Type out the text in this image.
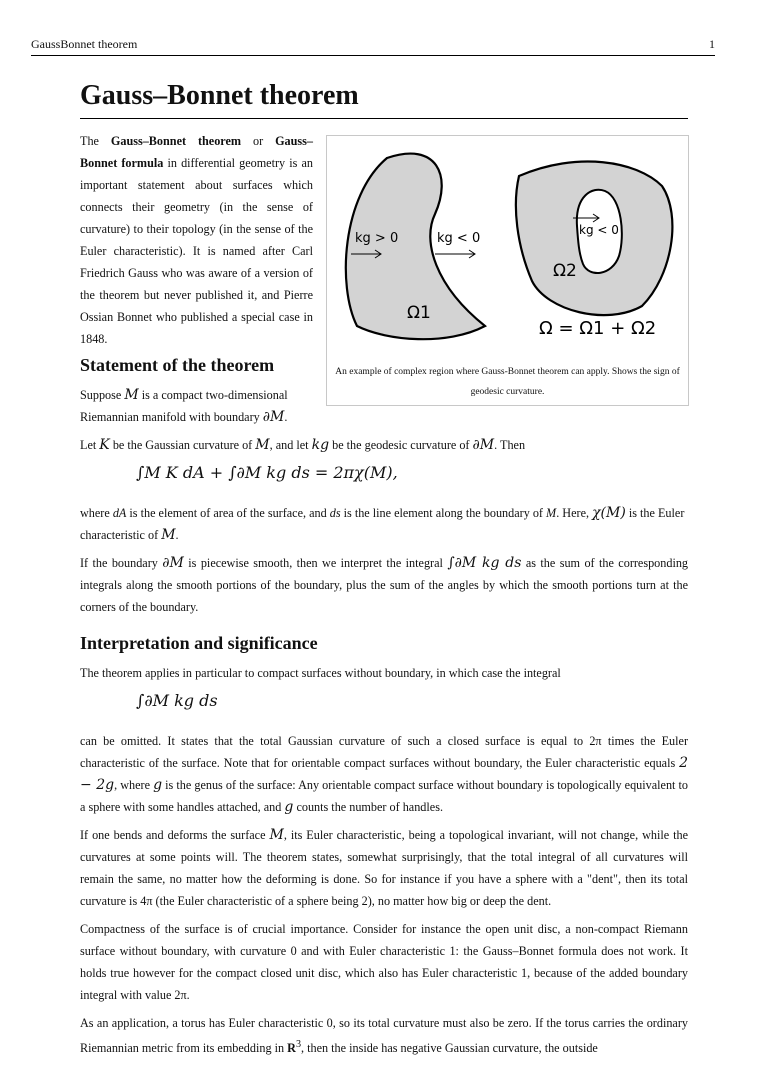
GaussBonnet theorem	1
Gauss–Bonnet theorem

The Gauss–Bonnet theorem or Gauss–Bonnet formula in differential geometry is an important statement about surfaces which connects their geometry (in the sense of curvature) to their topology (in the sense of the Euler characteristic). It is named after Carl Friedrich Gauss who was aware of a version of the theorem but never published it, and Pierre Ossian Bonnet who published a special case in 1848.

kg > 0	kg < 0
kg < 0
Ω1
Ω2
Ω = Ω1 + Ω2
An example of complex region where Gauss-Bonnet theorem can apply. Shows the sign of geodesic curvature.
Statement of the theorem

Suppose M is a compact two-dimensional Riemannian manifold with boundary ∂M.

Let K be the Gaussian curvature of M, and let kg be the geodesic curvature of ∂M. Then

∫M K dA + ∫∂M kg ds = 2πχ(M),

where dA is the element of area of the surface, and ds is the line element along the boundary of M. Here, χ(M) is the Euler characteristic of M.

If the boundary ∂M is piecewise smooth, then we interpret the integral ∫∂M kg ds as the sum of the corresponding integrals along the smooth portions of the boundary, plus the sum of the angles by which the smooth portions turn at the corners of the boundary.

Interpretation and significance

The theorem applies in particular to compact surfaces without boundary, in which case the integral

∫∂M kg ds

can be omitted. It states that the total Gaussian curvature of such a closed surface is equal to 2π times the Euler characteristic of the surface. Note that for orientable compact surfaces without boundary, the Euler characteristic equals 2 − 2g, where g is the genus of the surface: Any orientable compact surface without boundary is topologically equivalent to a sphere with some handles attached, and g counts the number of handles.

If one bends and deforms the surface M, its Euler characteristic, being a topological invariant, will not change, while the curvatures at some points will. The theorem states, somewhat surprisingly, that the total integral of all curvatures will remain the same, no matter how the deforming is done. So for instance if you have a sphere with a "dent", then its total curvature is 4π (the Euler characteristic of a sphere being 2), no matter how big or deep the dent.

Compactness of the surface is of crucial importance. Consider for instance the open unit disc, a non-compact Riemann surface without boundary, with curvature 0 and with Euler characteristic 1: the Gauss–Bonnet formula does not work. It holds true however for the compact closed unit disc, which also has Euler characteristic 1, because of the added boundary integral with value 2π.

As an application, a torus has Euler characteristic 0, so its total curvature must also be zero. If the torus carries the ordinary Riemannian metric from its embedding in $R^3$, then the inside has negative Gaussian curvature, the outside
